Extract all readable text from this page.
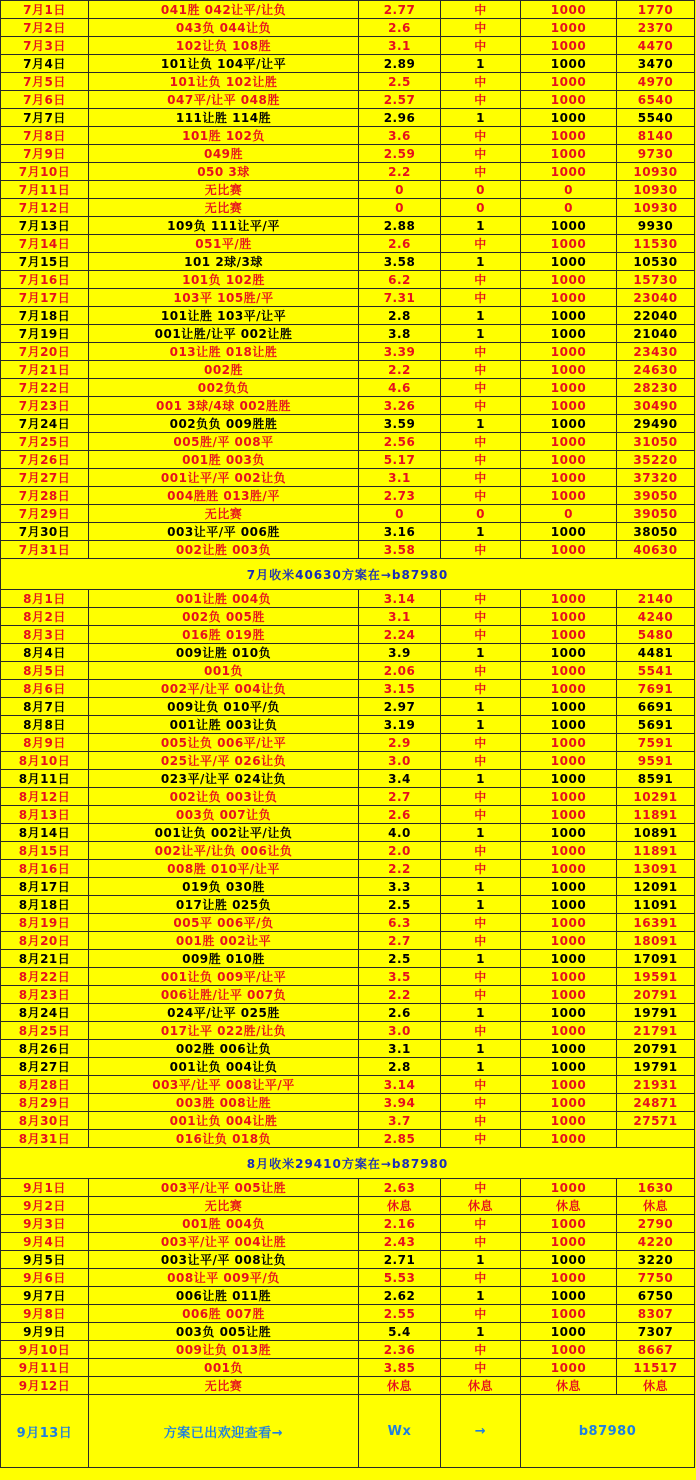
7月1日	041胜 042让平/让负	2.77	中	1000	1770
7月2日	043负 044让负	2.6	中	1000	2370
7月3日	102让负 108胜	3.1	中	1000	4470
7月4日	101让负 104平/让平	2.89	1	1000	3470
7月5日	101让负 102让胜	2.5	中	1000	4970
7月6日	047平/让平 048胜	2.57	中	1000	6540
7月7日	111让胜 114胜	2.96	1	1000	5540
7月8日	101胜 102负	3.6	中	1000	8140
7月9日	049胜	2.59	中	1000	9730
7月10日	050 3球	2.2	中	1000	10930
7月11日	无比赛	0	0	0	10930
7月12日	无比赛	0	0	0	10930
7月13日	109负 111让平/平	2.88	1	1000	9930
7月14日	051平/胜	2.6	中	1000	11530
7月15日	101 2球/3球	3.58	1	1000	10530
7月16日	101负 102胜	6.2	中	1000	15730
7月17日	103平 105胜/平	7.31	中	1000	23040
7月18日	101让胜 103平/让平	2.8	1	1000	22040
7月19日	001让胜/让平 002让胜	3.8	1	1000	21040
7月20日	013让胜 018让胜	3.39	中	1000	23430
7月21日	002胜	2.2	中	1000	24630
7月22日	002负负	4.6	中	1000	28230
7月23日	001 3球/4球 002胜胜	3.26	中	1000	30490
7月24日	002负负 009胜胜	3.59	1	1000	29490
7月25日	005胜/平 008平	2.56	中	1000	31050
7月26日	001胜 003负	5.17	中	1000	35220
7月27日	001让平/平 002让负	3.1	中	1000	37320
7月28日	004胜胜 013胜/平	2.73	中	1000	39050
7月29日	无比赛	0	0	0	39050
7月30日	003让平/平 006胜	3.16	1	1000	38050
7月31日	002让胜 003负	3.58	中	1000	40630
7月收米40630方案在→b87980					
8月1日	001让胜 004负	3.14	中	1000	2140
8月2日	002负 005胜	3.1	中	1000	4240
8月3日	016胜 019胜	2.24	中	1000	5480
8月4日	009让胜 010负	3.9	1	1000	4481
8月5日	001负	2.06	中	1000	5541
8月6日	002平/让平 004让负	3.15	中	1000	7691
8月7日	009让负 010平/负	2.97	1	1000	6691
8月8日	001让胜 003让负	3.19	1	1000	5691
8月9日	005让负 006平/让平	2.9	中	1000	7591
8月10日	025让平/平 026让负	3.0	中	1000	9591
8月11日	023平/让平 024让负	3.4	1	1000	8591
8月12日	002让负 003让负	2.7	中	1000	10291
8月13日	003负 007让负	2.6	中	1000	11891
8月14日	001让负 002让平/让负	4.0	1	1000	10891
8月15日	002让平/让负 006让负	2.0	中	1000	11891
8月16日	008胜 010平/让平	2.2	中	1000	13091
8月17日	019负 030胜	3.3	1	1000	12091
8月18日	017让胜 025负	2.5	1	1000	11091
8月19日	005平 006平/负	6.3	中	1000	16391
8月20日	001胜 002让平	2.7	中	1000	18091
8月21日	009胜 010胜	2.5	1	1000	17091
8月22日	001让负 009平/让平	3.5	中	1000	19591
8月23日	006让胜/让平 007负	2.2	中	1000	20791
8月24日	024平/让平 025胜	2.6	1	1000	19791
8月25日	017让平 022胜/让负	3.0	中	1000	21791
8月26日	002胜 006让负	3.1	1	1000	20791
8月27日	001让负 004让负	2.8	1	1000	19791
8月28日	003平/让平 008让平/平	3.14	中	1000	21931
8月29日	003胜 008让胜	3.94	中	1000	24871
8月30日	001让负 004让胜	3.7	中	1000	27571
8月31日	016让负 018负	2.85	中	1000	
8月收米29410方案在→b87980					
9月1日	003平/让平 005让胜	2.63	中	1000	1630
9月2日	无比赛	休息	休息	休息	休息
9月3日	001胜 004负	2.16	中	1000	2790
9月4日	003平/让平 004让胜	2.43	中	1000	4220
9月5日	003让平/平 008让负	2.71	1	1000	3220
9月6日	008让平 009平/负	5.53	中	1000	7750
9月7日	006让胜 011胜	2.62	1	1000	6750
9月8日	006胜 007胜	2.55	中	1000	8307
9月9日	003负 005让胜	5.4	1	1000	7307
9月10日	009让负 013胜	2.36	中	1000	8667
9月11日	001负	3.85	中	1000	11517
9月12日	无比赛	休息	休息	休息	休息
9月13日	方案已出欢迎查看→	Wx	→	b87980	
